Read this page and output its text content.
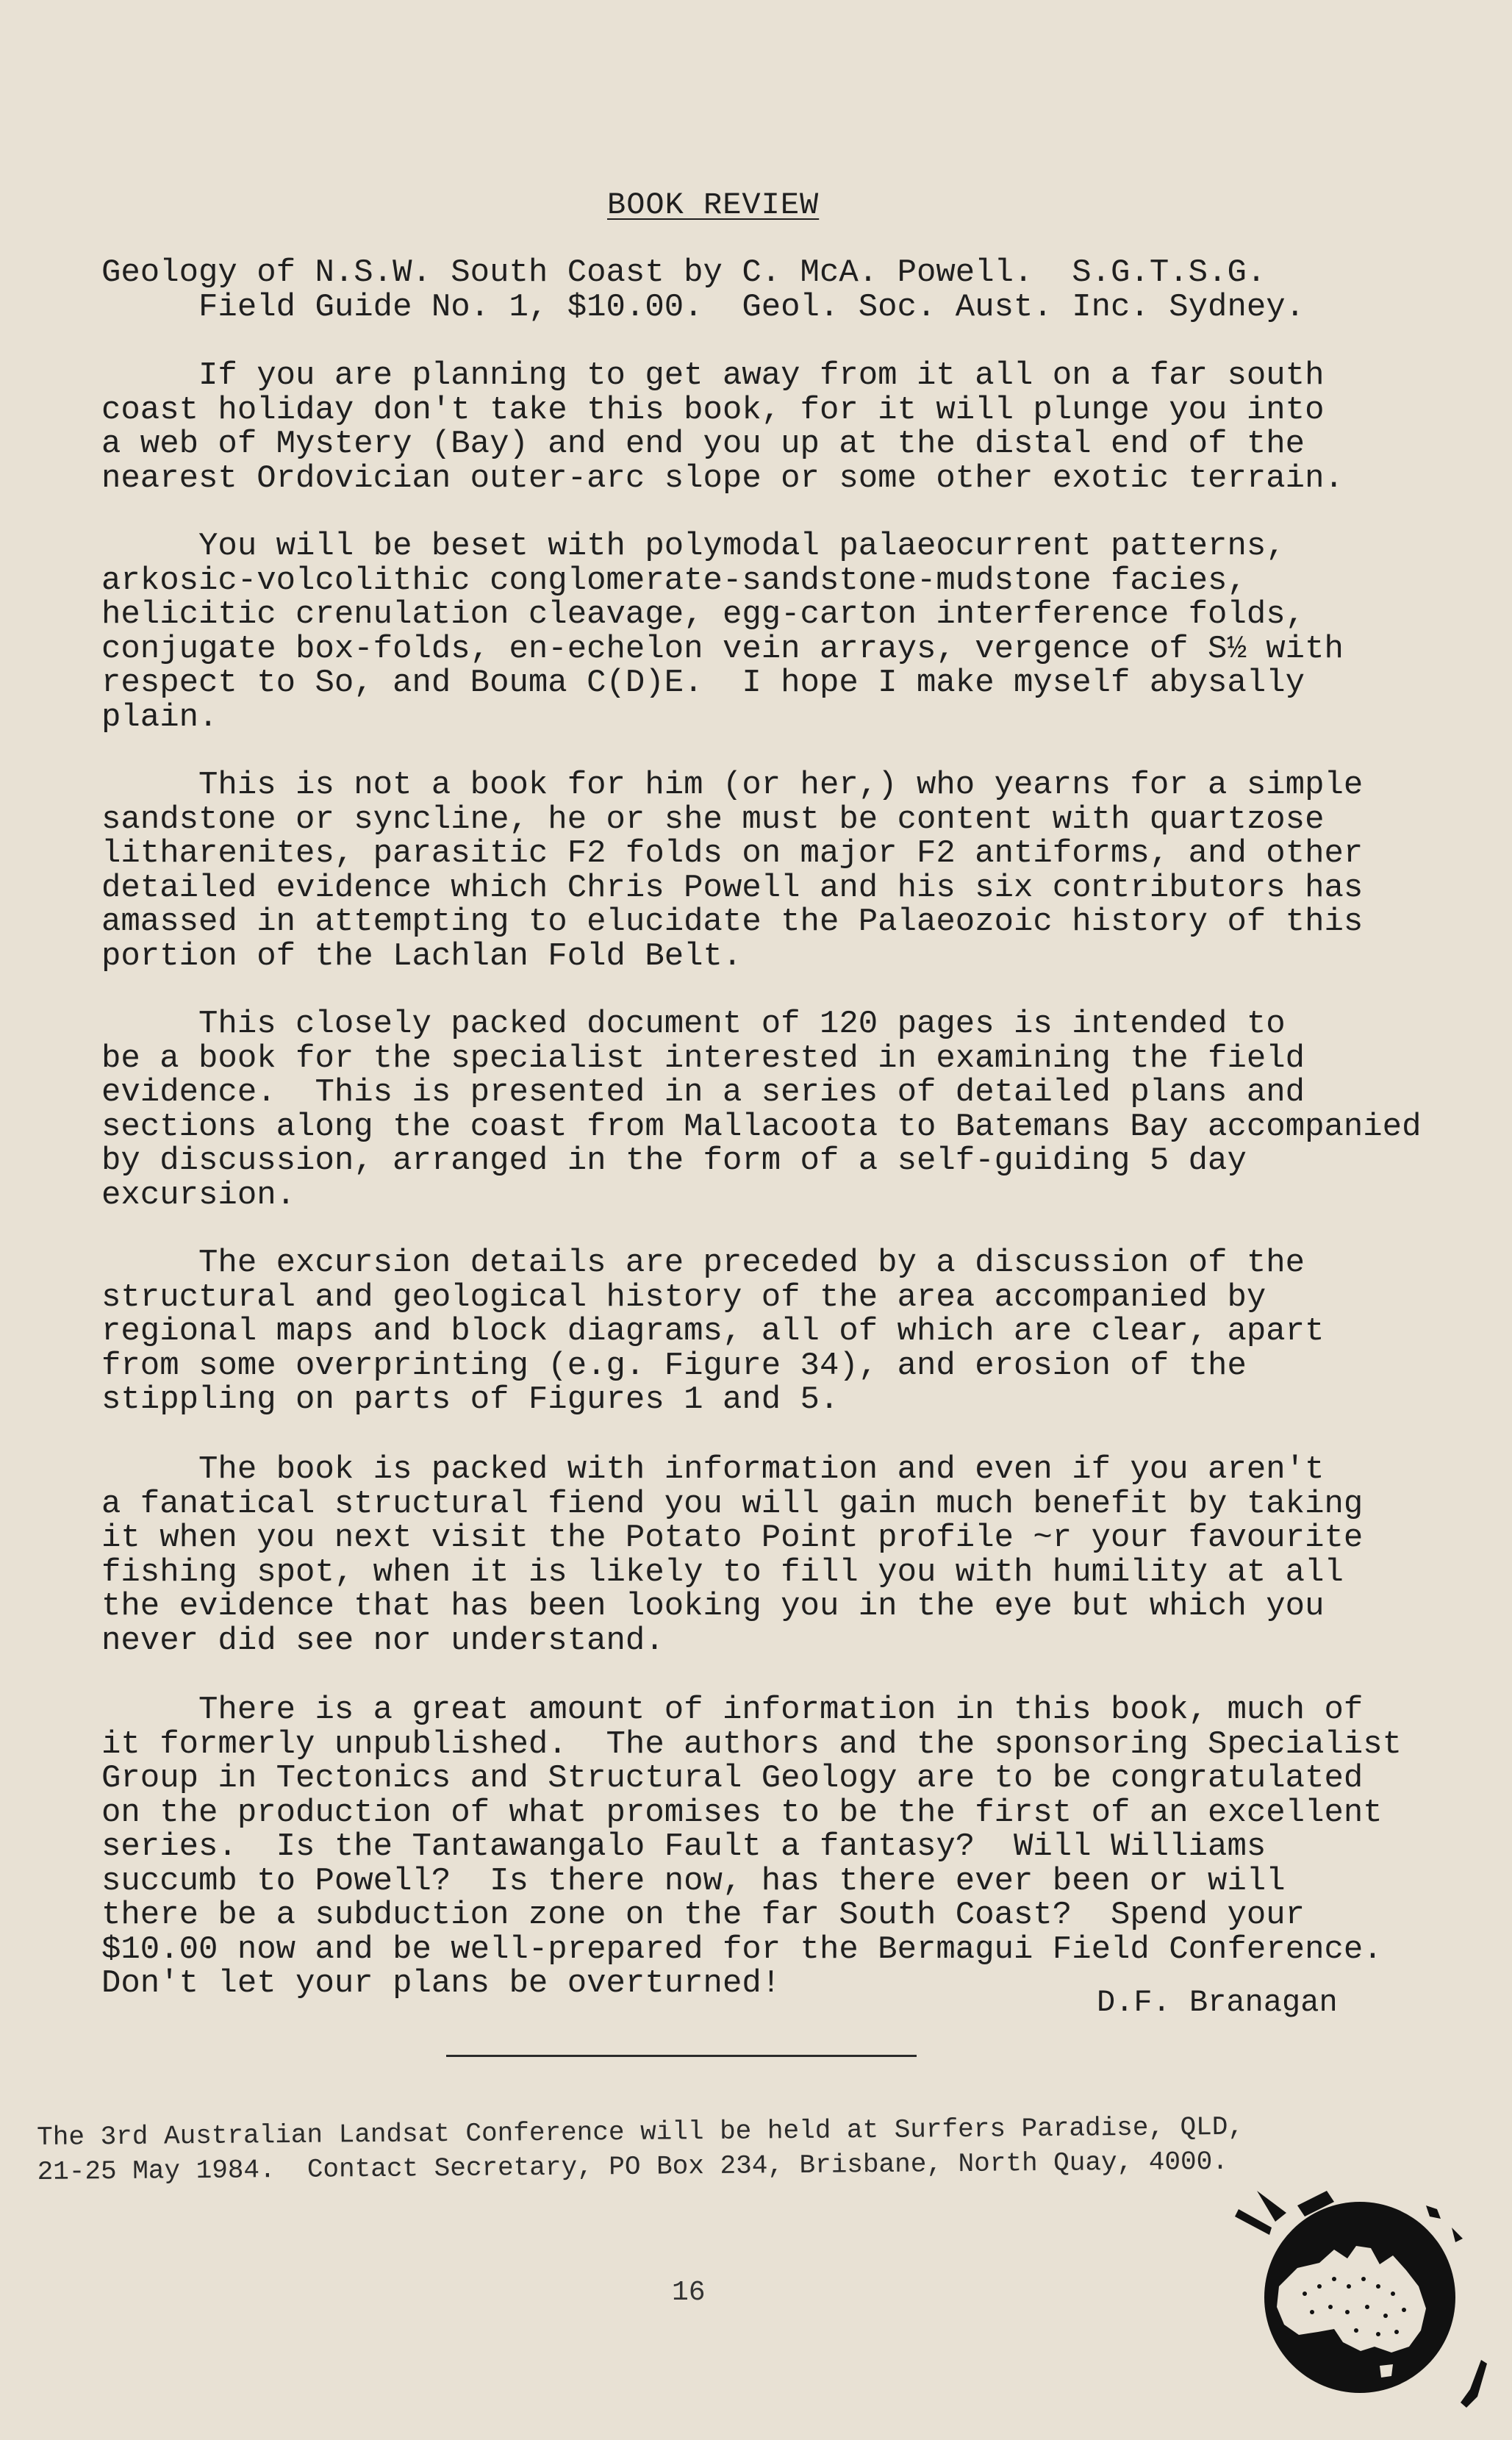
BOOK REVIEW
Geology of N.S.W. South Coast by C. McA. Powell.  S.G.T.S.G.
Field Guide No. 1, $10.00.  Geol. Soc. Aust. Inc. Sydney.
If you are planning to get away from it all on a far south
coast holiday don't take this book, for it will plunge you into
a web of Mystery (Bay) and end you up at the distal end of the
nearest Ordovician outer-arc slope or some other exotic terrain.
You will be beset with polymodal palaeocurrent patterns,
arkosic-volcolithic conglomerate-sandstone-mudstone facies,
helicitic crenulation cleavage, egg-carton interference folds,
conjugate box-folds, en-echelon vein arrays, vergence of S½ with
respect to So, and Bouma C(D)E.  I hope I make myself abysally
plain.
This is not a book for him (or her,) who yearns for a simple
sandstone or syncline, he or she must be content with quartzose
litharenites, parasitic F2 folds on major F2 antiforms, and other
detailed evidence which Chris Powell and his six contributors has
amassed in attempting to elucidate the Palaeozoic history of this
portion of the Lachlan Fold Belt.
This closely packed document of 120 pages is intended to
be a book for the specialist interested in examining the field
evidence.  This is presented in a series of detailed plans and
sections along the coast from Mallacoota to Batemans Bay accompanied
by discussion, arranged in the form of a self-guiding 5 day
excursion.
The excursion details are preceded by a discussion of the
structural and geological history of the area accompanied by
regional maps and block diagrams, all of which are clear, apart
from some overprinting (e.g. Figure 34), and erosion of the
stippling on parts of Figures 1 and 5.
The book is packed with information and even if you aren't
a fanatical structural fiend you will gain much benefit by taking
it when you next visit the Potato Point profile ~r your favourite
fishing spot, when it is likely to fill you with humility at all
the evidence that has been looking you in the eye but which you
never did see nor understand.
There is a great amount of information in this book, much of
it formerly unpublished.  The authors and the sponsoring Specialist
Group in Tectonics and Structural Geology are to be congratulated
on the production of what promises to be the first of an excellent
series.  Is the Tantawangalo Fault a fantasy?  Will Williams
succumb to Powell?  Is there now, has there ever been or will
there be a subduction zone on the far South Coast?  Spend your
$10.00 now and be well-prepared for the Bermagui Field Conference.
Don't let your plans be overturned!
D.F. Branagan
The 3rd Australian Landsat Conference will be held at Surfers Paradise, QLD,
21-25 May 1984.  Contact Secretary, PO Box 234, Brisbane, North Quay, 4000.
16
